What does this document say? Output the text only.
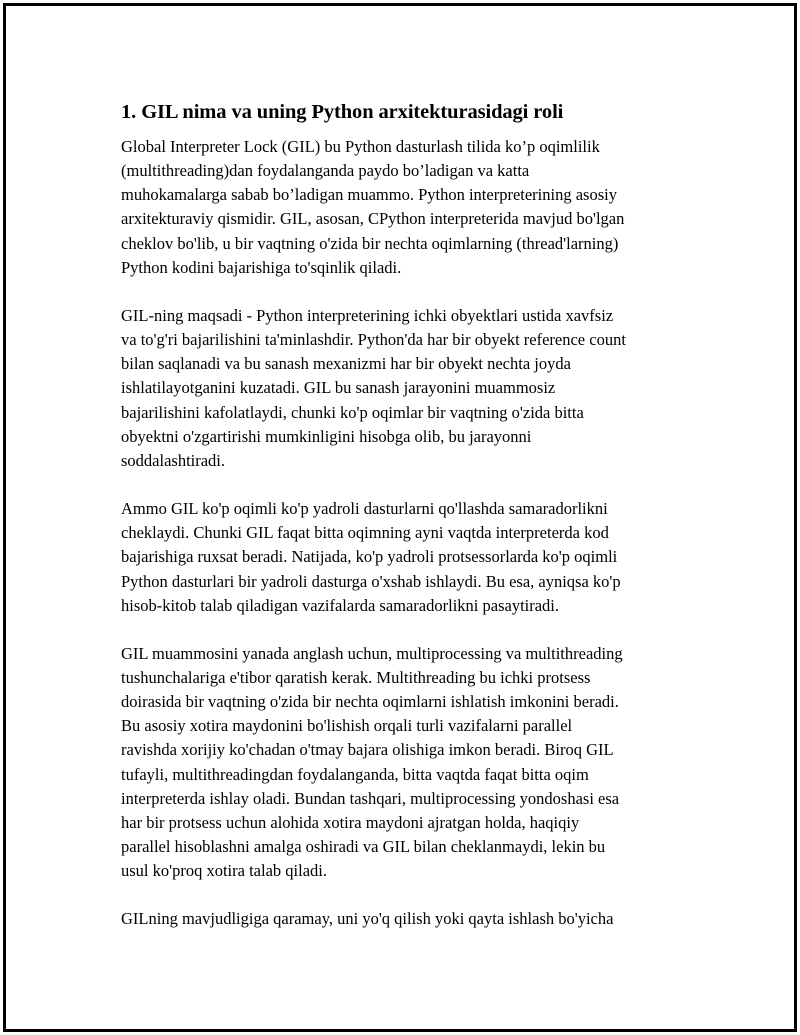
1. GIL nima va uning Python arxitekturasidagi roli

Global Interpreter Lock (GIL) bu Python dasturlash tilida ko’p oqimlilik
(multithreading)dan foydalanganda paydo bo’ladigan va katta
muhokamalarga sabab bo’ladigan muammo. Python interpreterining asosiy
arxitekturaviy qismidir. GIL, asosan, CPython interpreterida mavjud bo'lgan
cheklov bo'lib, u bir vaqtning o'zida bir nechta oqimlarning (thread'larning)
Python kodini bajarishiga to'sqinlik qiladi.

GIL-ning maqsadi - Python interpreterining ichki obyektlari ustida xavfsiz
va to'g'ri bajarilishini ta'minlashdir. Python'da har bir obyekt reference count
bilan saqlanadi va bu sanash mexanizmi har bir obyekt nechta joyda
ishlatilayotganini kuzatadi. GIL bu sanash jarayonini muammosiz
bajarilishini kafolatlaydi, chunki ko'p oqimlar bir vaqtning o'zida bitta
obyektni o'zgartirishi mumkinligini hisobga olib, bu jarayonni
soddalashtiradi.

Ammo GIL ko'p oqimli ko'p yadroli dasturlarni qo'llashda samaradorlikni
cheklaydi. Chunki GIL faqat bitta oqimning ayni vaqtda interpreterda kod
bajarishiga ruxsat beradi. Natijada, ko'p yadroli protsessorlarda ko'p oqimli
Python dasturlari bir yadroli dasturga o'xshab ishlaydi. Bu esa, ayniqsa ko'p
hisob-kitob talab qiladigan vazifalarda samaradorlikni pasaytiradi.

GIL muammosini yanada anglash uchun, multiprocessing va multithreading
tushunchalariga e'tibor qaratish kerak. Multithreading bu ichki protsess
doirasida bir vaqtning o'zida bir nechta oqimlarni ishlatish imkonini beradi.
Bu asosiy xotira maydonini bo'lishish orqali turli vazifalarni parallel
ravishda xorijiy ko'chadan o'tmay bajara olishiga imkon beradi. Biroq GIL
tufayli, multithreadingdan foydalanganda, bitta vaqtda faqat bitta oqim
interpreterda ishlay oladi. Bundan tashqari, multiprocessing yondoshasi esa
har bir protsess uchun alohida xotira maydoni ajratgan holda, haqiqiy
parallel hisoblashni amalga oshiradi va GIL bilan cheklanmaydi, lekin bu
usul ko'proq xotira talab qiladi.

GILning mavjudligiga qaramay, uni yo'q qilish yoki qayta ishlash bo'yicha
